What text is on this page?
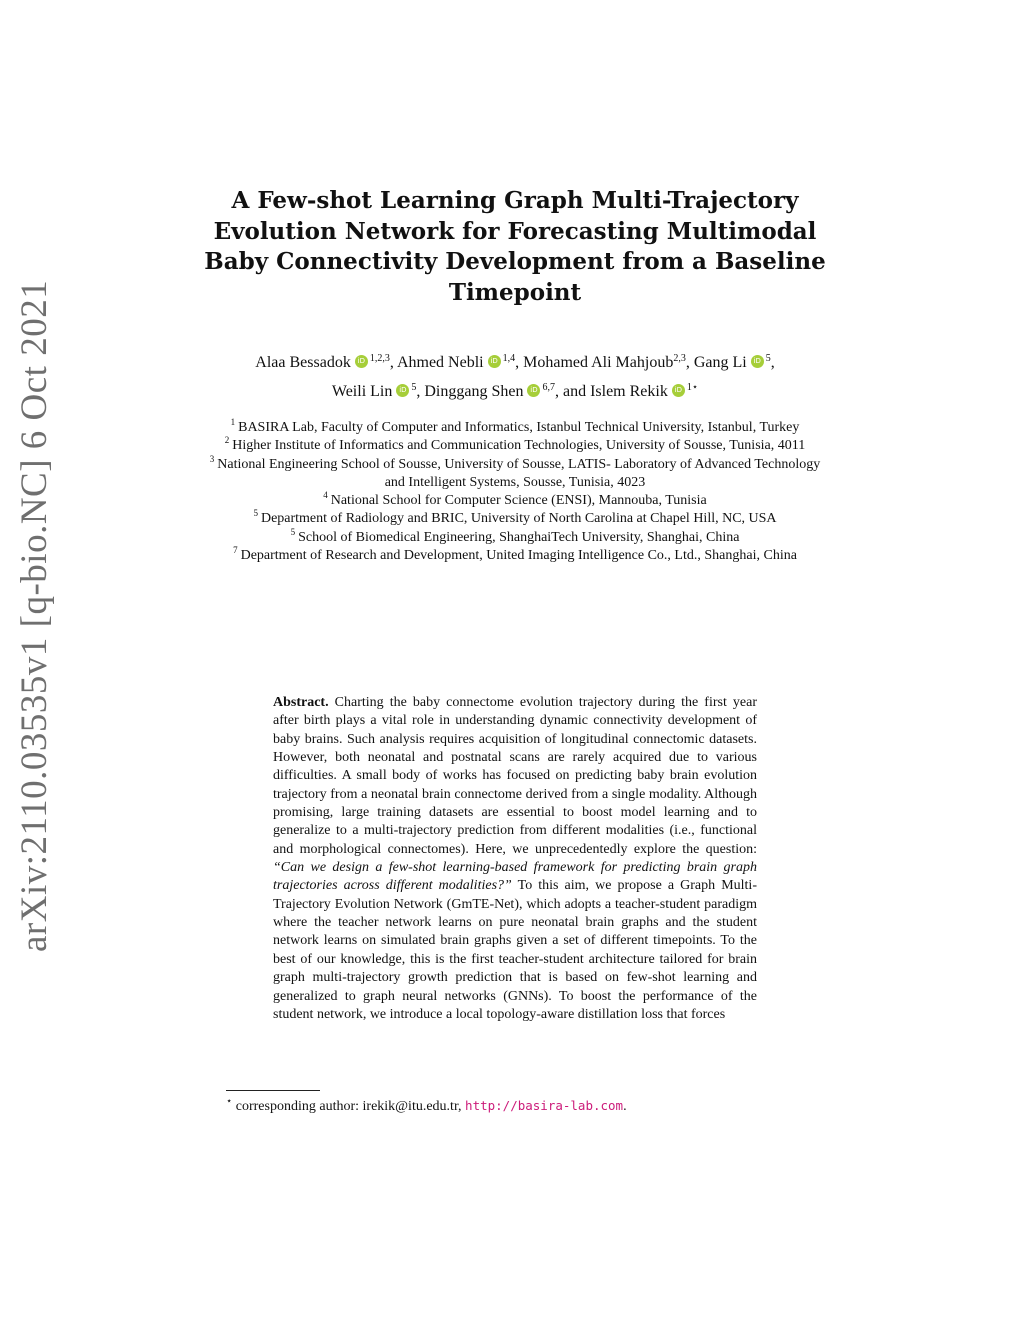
arXiv:2110.03535v1 [q-bio.NC] 6 Oct 2021
A Few-shot Learning Graph Multi-Trajectory Evolution Network for Forecasting Multimodal Baby Connectivity Development from a Baseline Timepoint
Alaa Bessadok iD $^{1,2,3}$, Ahmed Nebli iD $^{1,4}$, Mohamed Ali Mahjoub$^{2,3}$, Gang Li iD $^5$,
Weili Lin iD $^5$, Dinggang Shen iD $^{6,7}$, and Islem Rekik iD $^{1⋆}$

$^1$ BASIRA Lab, Faculty of Computer and Informatics, Istanbul Technical University, Istanbul, Turkey

$^2$ Higher Institute of Informatics and Communication Technologies, University of Sousse, Tunisia, 4011

$^3$ National Engineering School of Sousse, University of Sousse, LATIS- Laboratory of Advanced Technology and Intelligent Systems, Sousse, Tunisia, 4023

$^4$ National School for Computer Science (ENSI), Mannouba, Tunisia

$^5$ Department of Radiology and BRIC, University of North Carolina at Chapel Hill, NC, USA

$^5$ School of Biomedical Engineering, ShanghaiTech University, Shanghai, China

$^7$ Department of Research and Development, United Imaging Intelligence Co., Ltd., Shanghai, China

Abstract. Charting the baby connectome evolution trajectory during the first year after birth plays a vital role in understanding dynamic connectivity development of baby brains. Such analysis requires acquisition of longitudinal connectomic datasets. However, both neonatal and postnatal scans are rarely acquired due to various difficulties. A small body of works has focused on predicting baby brain evolution trajectory from a neonatal brain connectome derived from a single modality. Although promising, large training datasets are essential to boost model learning and to generalize to a multi-trajectory prediction from different modalities (i.e., functional and morphological connectomes). Here, we unprecedentedly explore the question: “Can we design a few-shot learning-based framework for predicting brain graph trajectories across different modalities?” To this aim, we propose a Graph Multi-Trajectory Evolution Network (GmTE-Net), which adopts a teacher-student paradigm where the teacher network learns on pure neonatal brain graphs and the student network learns on simulated brain graphs given a set of different timepoints. To the best of our knowledge, this is the first teacher-student architecture tailored for brain graph multi-trajectory growth prediction that is based on few-shot learning and generalized to graph neural networks (GNNs). To boost the performance of the student network, we introduce a local topology-aware distillation loss that forces

⋆ corresponding author: irekik@itu.edu.tr, http://basira-lab.com.
